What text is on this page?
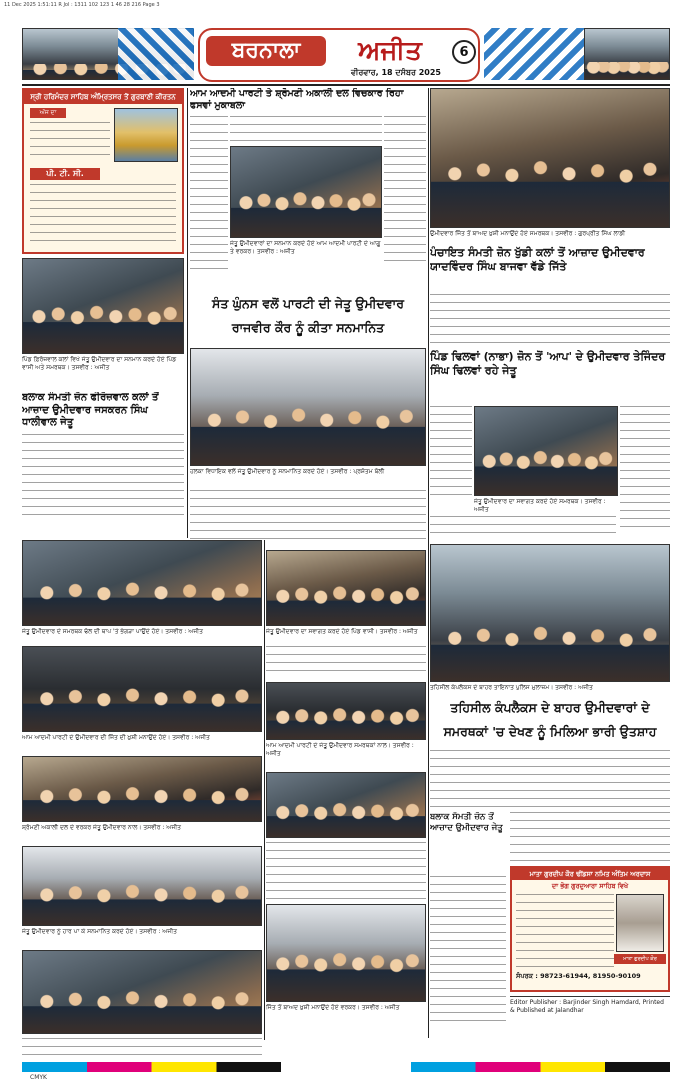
11 Dec 2025 1:51:11 R Jol : 1311 102 123 1 46 28 216 Page 3
ਬਰਨਾਲਾ	ਅਜੀਤ
ਵੀਰਵਾਰ, 18 ਦਸੰਬਰ 2025
6
ਸ੍ਰੀ ਹਰਿਮੰਦਰ ਸਾਹਿਬ ਅੰਮ੍ਰਿਤਸਰ ਤੋਂ ਗੁਰਬਾਣੀ ਕੀਰਤਨ
ਅੱਜ ਦਾ
ਪੀ. ਟੀ. ਸੀ.
ਪਿੰਡ ਫ਼ਿਰੋਜ਼ਵਾਲ ਕਲਾਂ ਵਿਖੇ ਜੇਤੂ ਉਮੀਦਵਾਰ ਦਾ ਸਨਮਾਨ ਕਰਦੇ ਹੋਏ ਪਿੰਡ ਵਾਸੀ ਅਤੇ ਸਮਰਥਕ। ਤਸਵੀਰ : ਅਜੀਤ
ਬਲਾਕ ਸੰਮਤੀ ਜ਼ੋਨ ਫੀਰੋਜ਼ਵਾਲ ਕਲਾਂ ਤੋਂ ਆਜ਼ਾਦ ਉਮੀਦਵਾਰ ਜਸਕਰਨ ਸਿੰਘ ਧਾਲੀਵਾਲ ਜੇਤੂ
ਆਮ ਆਦਮੀ ਪਾਰਟੀ ਤੇ ਸ਼੍ਰੋਮਣੀ ਅਕਾਲੀ ਦਲ ਵਿਚਕਾਰ ਰਿਹਾ ਫਸਵਾਂ ਮੁਕਾਬਲਾ
ਜੇਤੂ ਉਮੀਦਵਾਰਾਂ ਦਾ ਸਨਮਾਨ ਕਰਦੇ ਹੋਏ ਆਮ ਆਦਮੀ ਪਾਰਟੀ ਦੇ ਆਗੂ ਤੇ ਵਰਕਰ। ਤਸਵੀਰ : ਅਜੀਤ
ਸੰਤ ਘੁੰਨਸ ਵਲੋਂ ਪਾਰਟੀ ਦੀ ਜੇਤੂ ਉਮੀਦਵਾਰ
ਰਾਜਵੀਰ ਕੌਰ ਨੂੰ ਕੀਤਾ ਸਨਮਾਨਿਤ
ਹਲਕਾ ਵਿਧਾਇਕ ਵਲੋਂ ਜੇਤੂ ਉਮੀਦਵਾਰ ਨੂੰ ਸਨਮਾਨਿਤ ਕਰਦੇ ਹੋਏ। ਤਸਵੀਰ : ਪ੍ਰਸ਼ੋਤਮ ਬੱਲੀ
ਉਮੀਦਵਾਰ ਜਿੱਤ ਤੋਂ ਬਾਅਦ ਖ਼ੁਸ਼ੀ ਮਨਾਉਂਦੇ ਹੋਏ ਸਮਰਥਕ। ਤਸਵੀਰ : ਗੁਰਪ੍ਰੀਤ ਸਿੰਘ ਲਾਡੀ
ਪੰਚਾਇਤ ਸੰਮਤੀ ਜ਼ੋਨ ਖੁੱਡੀ ਕਲਾਂ ਤੋਂ ਆਜ਼ਾਦ ਉਮੀਦਵਾਰ ਯਾਦਵਿੰਦਰ ਸਿੰਘ ਬਾਜਵਾ ਵੱਡੇ ਜਿੱਤੇ
ਪਿੰਡ ਢਿਲਵਾਂ (ਨਾਭਾ) ਜ਼ੋਨ ਤੋਂ 'ਆਪ' ਦੇ ਉਮੀਦਵਾਰ ਤੇਜਿੰਦਰ ਸਿੰਘ ਢਿਲਵਾਂ ਰਹੇ ਜੇਤੂ
ਜੇਤੂ ਉਮੀਦਵਾਰ ਦਾ ਸਵਾਗਤ ਕਰਦੇ ਹੋਏ ਸਮਰਥਕ। ਤਸਵੀਰ : ਅਜੀਤ
ਤਹਿਸੀਲ ਕੰਪਲੈਕਸ ਦੇ ਬਾਹਰ ਤਾਇਨਾਤ ਪੁਲਿਸ ਮੁਲਾਜ਼ਮ। ਤਸਵੀਰ : ਅਜੀਤ
ਤਹਿਸੀਲ ਕੰਪਲੈਕਸ ਦੇ ਬਾਹਰ ਉਮੀਦਵਾਰਾਂ ਦੇ
ਸਮਰਥਕਾਂ 'ਚ ਦੇਖਣ ਨੂੰ ਮਿਲਿਆ ਭਾਰੀ ਉਤਸ਼ਾਹ
ਜੇਤੂ ਉਮੀਦਵਾਰ ਦੇ ਸਮਰਥਕ ਢੋਲ ਦੀ ਥਾਪ 'ਤੇ ਭੰਗੜਾ ਪਾਉਂਦੇ ਹੋਏ। ਤਸਵੀਰ : ਅਜੀਤ
ਆਮ ਆਦਮੀ ਪਾਰਟੀ ਦੇ ਉਮੀਦਵਾਰ ਦੀ ਜਿੱਤ ਦੀ ਖ਼ੁਸ਼ੀ ਮਨਾਉਂਦੇ ਹੋਏ। ਤਸਵੀਰ : ਅਜੀਤ
ਸ਼੍ਰੋਮਣੀ ਅਕਾਲੀ ਦਲ ਦੇ ਵਰਕਰ ਜੇਤੂ ਉਮੀਦਵਾਰ ਨਾਲ। ਤਸਵੀਰ : ਅਜੀਤ
ਜੇਤੂ ਉਮੀਦਵਾਰ ਨੂੰ ਹਾਰ ਪਾ ਕੇ ਸਨਮਾਨਿਤ ਕਰਦੇ ਹੋਏ। ਤਸਵੀਰ : ਅਜੀਤ
ਜੇਤੂ ਉਮੀਦਵਾਰ ਦਾ ਸਵਾਗਤ ਕਰਦੇ ਹੋਏ ਪਿੰਡ ਵਾਸੀ। ਤਸਵੀਰ : ਅਜੀਤ
ਆਮ ਆਦਮੀ ਪਾਰਟੀ ਦੇ ਜੇਤੂ ਉਮੀਦਵਾਰ ਸਮਰਥਕਾਂ ਨਾਲ। ਤਸਵੀਰ : ਅਜੀਤ
ਜਿੱਤ ਤੋਂ ਬਾਅਦ ਖ਼ੁਸ਼ੀ ਮਨਾਉਂਦੇ ਹੋਏ ਵਰਕਰ। ਤਸਵੀਰ : ਅਜੀਤ
ਬਲਾਕ ਸੰਮਤੀ ਜ਼ੋਨ ਤੋਂ ਆਜ਼ਾਦ ਉਮੀਦਵਾਰ ਜੇਤੂ
ਮਾਤਾ ਗੁਰਦੀਪ ਕੌਰ ਢੀਂਡਸਾ ਨਮਿਤ ਅੰਤਿਮ ਅਰਦਾਸ
ਦਾ ਭੋਗ ਗੁਰਦੁਆਰਾ ਸਾਹਿਬ ਵਿਖੇ
ਮਾਤਾ ਗੁਰਦੀਪ ਕੌਰ
ਸੰਪਰਕ : 98723-61944, 81950-90109
Editor Publisher : Barjinder Singh Hamdard, Printed & Published at Jalandhar
CMYK
